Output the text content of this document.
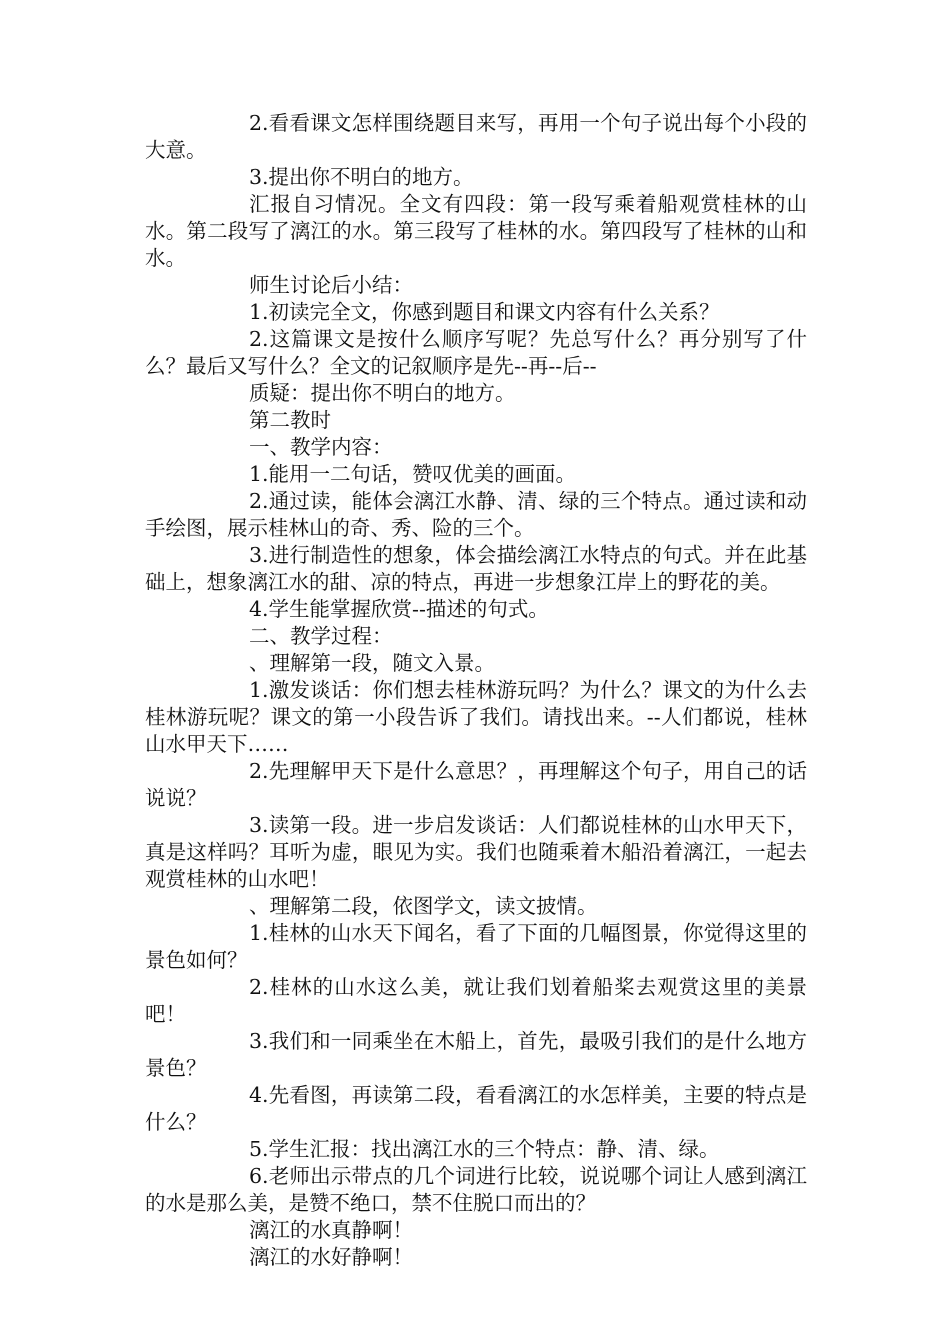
2.看看课文怎样围绕题目来写，再用一个句子说出每个小段的大意。

3.提出你不明白的地方。

汇报自习情况。全文有四段：第一段写乘着船观赏桂林的山水。第二段写了漓江的水。第三段写了桂林的水。第四段写了桂林的山和水。

师生讨论后小结：

1.初读完全文，你感到题目和课文内容有什么关系？

2.这篇课文是按什么顺序写呢？先总写什么？再分别写了什么？最后又写什么？全文的记叙顺序是先--再--后--

质疑：提出你不明白的地方。

第二教时

一、教学内容：

1.能用一二句话，赞叹优美的画面。

2.通过读，能体会漓江水静、清、绿的三个特点。通过读和动手绘图，展示桂林山的奇、秀、险的三个。

3.进行制造性的想象，体会描绘漓江水特点的句式。并在此基础上，想象漓江水的甜、凉的特点，再进一步想象江岸上的野花的美。

4.学生能掌握欣赏--描述的句式。

二、教学过程：

、理解第一段，随文入景。

1.激发谈话：你们想去桂林游玩吗？为什么？课文的为什么去桂林游玩呢？课文的第一小段告诉了我们。请找出来。--人们都说，桂林山水甲天下……

2.先理解甲天下是什么意思？，再理解这个句子，用自己的话说说？

3.读第一段。进一步启发谈话：人们都说桂林的山水甲天下，真是这样吗？耳听为虚，眼见为实。我们也随乘着木船沿着漓江，一起去观赏桂林的山水吧！

、理解第二段，依图学文，读文披情。

1.桂林的山水天下闻名，看了下面的几幅图景，你觉得这里的景色如何？

2.桂林的山水这么美，就让我们划着船桨去观赏这里的美景吧！

3.我们和一同乘坐在木船上，首先，最吸引我们的是什么地方景色？

4.先看图，再读第二段，看看漓江的水怎样美，主要的特点是什么？

5.学生汇报：找出漓江水的三个特点：静、清、绿。

6.老师出示带点的几个词进行比较，说说哪个词让人感到漓江的水是那么美，是赞不绝口，禁不住脱口而出的？

漓江的水真静啊！

漓江的水好静啊！
